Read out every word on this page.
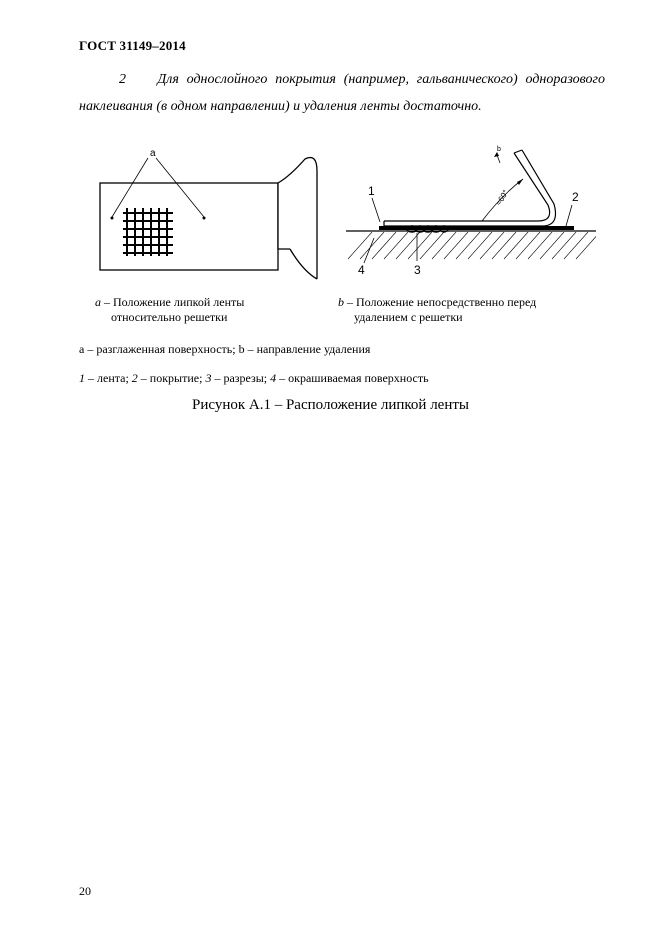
ГОСТ 31149–2014
2 Для однослойного покрытия (например, гальванического) одноразового наклеивания (в одном направлении) и удаления ленты достаточно.
a
≈60°
b
1	2
3
4
a – Положение липкой ленты
относительно решетки
b – Положение непосредственно перед
удалением с решетки
а – разглаженная поверхность; b – направление удаления
1 – лента; 2 – покрытие; 3 – разрезы; 4 – окрашиваемая поверхность
Рисунок А.1 – Расположение липкой ленты
20
